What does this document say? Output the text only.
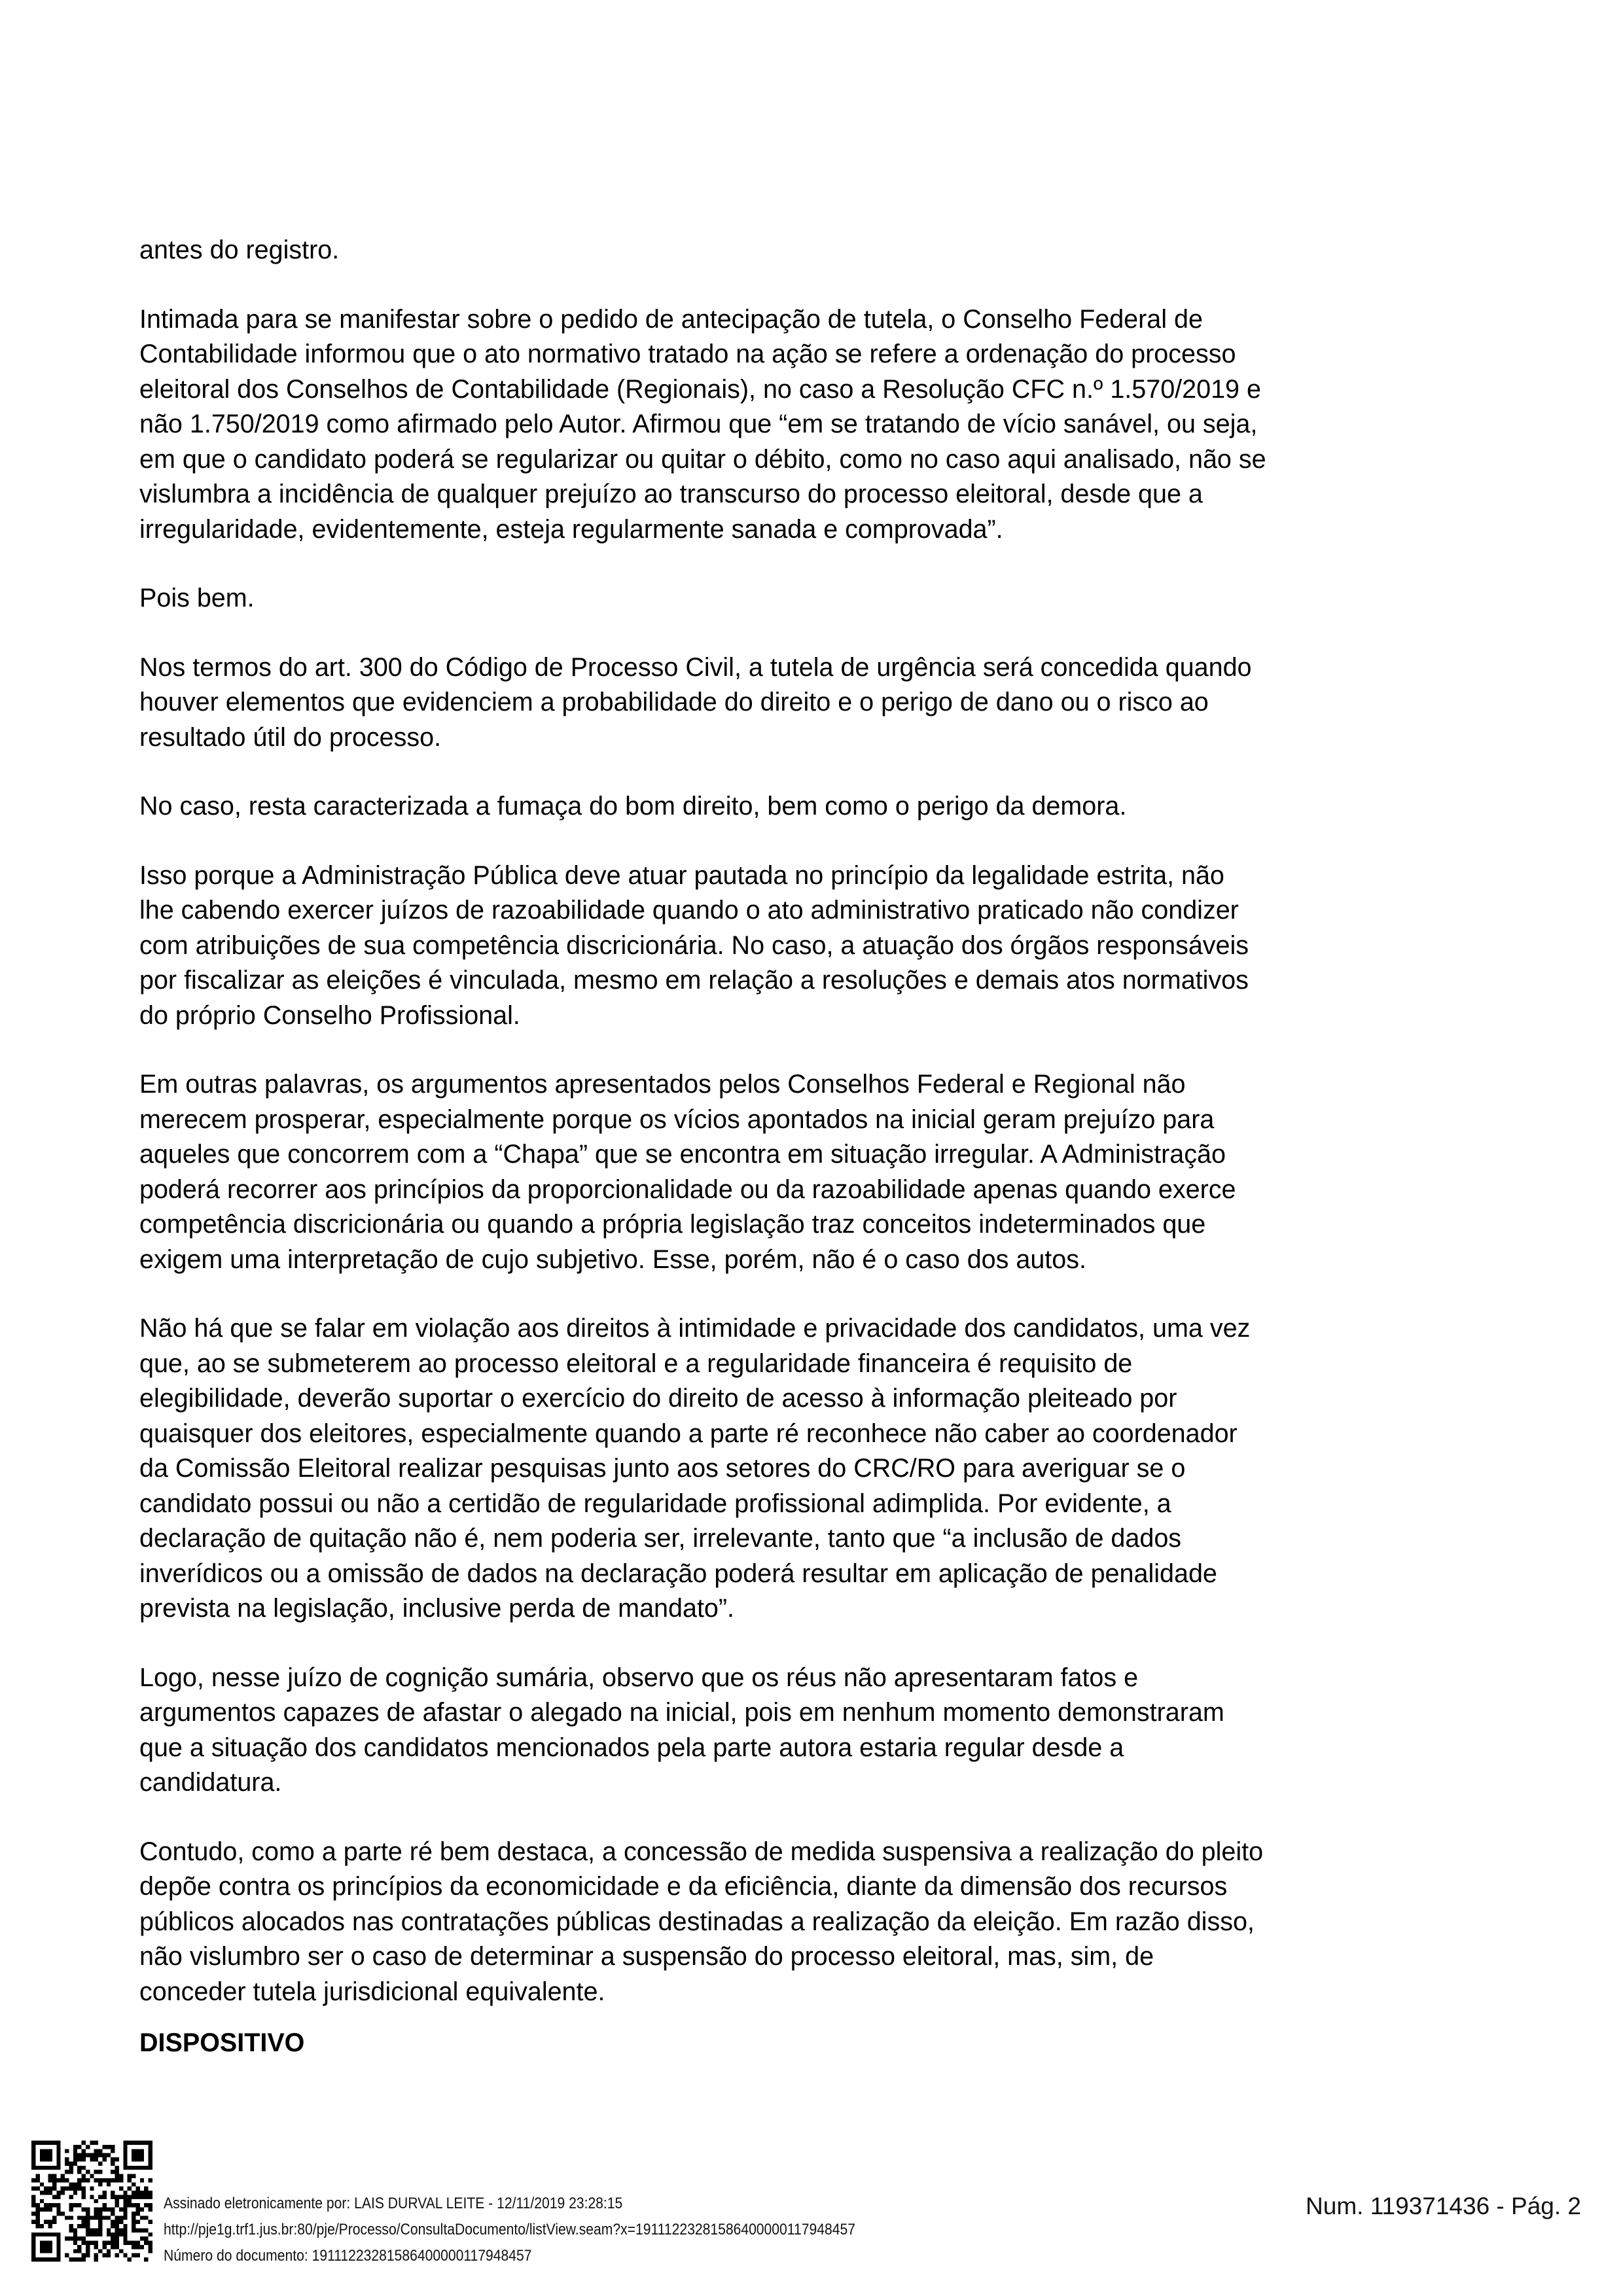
antes do registro.

Intimada para se manifestar sobre o pedido de antecipação de tutela, o Conselho Federal de
Contabilidade informou que o ato normativo tratado na ação se refere a ordenação do processo
eleitoral dos Conselhos de Contabilidade (Regionais), no caso a Resolução CFC n.º 1.570/2019 e
não 1.750/2019 como afirmado pelo Autor. Afirmou que “em se tratando de vício sanável, ou seja,
em que o candidato poderá se regularizar ou quitar o débito, como no caso aqui analisado, não se
vislumbra a incidência de qualquer prejuízo ao transcurso do processo eleitoral, desde que a
irregularidade, evidentemente, esteja regularmente sanada e comprovada”.

Pois bem.

Nos termos do art. 300 do Código de Processo Civil, a tutela de urgência será concedida quando
houver elementos que evidenciem a probabilidade do direito e o perigo de dano ou o risco ao
resultado útil do processo.

No caso, resta caracterizada a fumaça do bom direito, bem como o perigo da demora.

Isso porque a Administração Pública deve atuar pautada no princípio da legalidade estrita, não
lhe cabendo exercer juízos de razoabilidade quando o ato administrativo praticado não condizer
com atribuições de sua competência discricionária. No caso, a atuação dos órgãos responsáveis
por fiscalizar as eleições é vinculada, mesmo em relação a resoluções e demais atos normativos
do próprio Conselho Profissional.

Em outras palavras, os argumentos apresentados pelos Conselhos Federal e Regional não
merecem prosperar, especialmente porque os vícios apontados na inicial geram prejuízo para
aqueles que concorrem com a “Chapa” que se encontra em situação irregular. A Administração
poderá recorrer aos princípios da proporcionalidade ou da razoabilidade apenas quando exerce
competência discricionária ou quando a própria legislação traz conceitos indeterminados que
exigem uma interpretação de cujo subjetivo. Esse, porém, não é o caso dos autos.

Não há que se falar em violação aos direitos à intimidade e privacidade dos candidatos, uma vez
que, ao se submeterem ao processo eleitoral e a regularidade financeira é requisito de
elegibilidade, deverão suportar o exercício do direito de acesso à informação pleiteado por
quaisquer dos eleitores, especialmente quando a parte ré reconhece não caber ao coordenador
da Comissão Eleitoral realizar pesquisas junto aos setores do CRC/RO para averiguar se o
candidato possui ou não a certidão de regularidade profissional adimplida. Por evidente, a
declaração de quitação não é, nem poderia ser, irrelevante, tanto que “a inclusão de dados
inverídicos ou a omissão de dados na declaração poderá resultar em aplicação de penalidade
prevista na legislação, inclusive perda de mandato”.

Logo, nesse juízo de cognição sumária, observo que os réus não apresentaram fatos e
argumentos capazes de afastar o alegado na inicial, pois em nenhum momento demonstraram
que a situação dos candidatos mencionados pela parte autora estaria regular desde a
candidatura.

Contudo, como a parte ré bem destaca, a concessão de medida suspensiva a realização do pleito
depõe contra os princípios da economicidade e da eficiência, diante da dimensão dos recursos
públicos alocados nas contratações públicas destinadas a realização da eleição. Em razão disso,
não vislumbro ser o caso de determinar a suspensão do processo eleitoral, mas, sim, de
conceder tutela jurisdicional equivalente.

DISPOSITIVO
Assinado eletronicamente por: LAIS DURVAL LEITE - 12/11/2019 23:28:15
http://pje1g.trf1.jus.br:80/pje/Processo/ConsultaDocumento/listView.seam?x=19111223281586400000117948457
Número do documento: 19111223281586400000117948457
Num. 119371436 - Pág. 2
